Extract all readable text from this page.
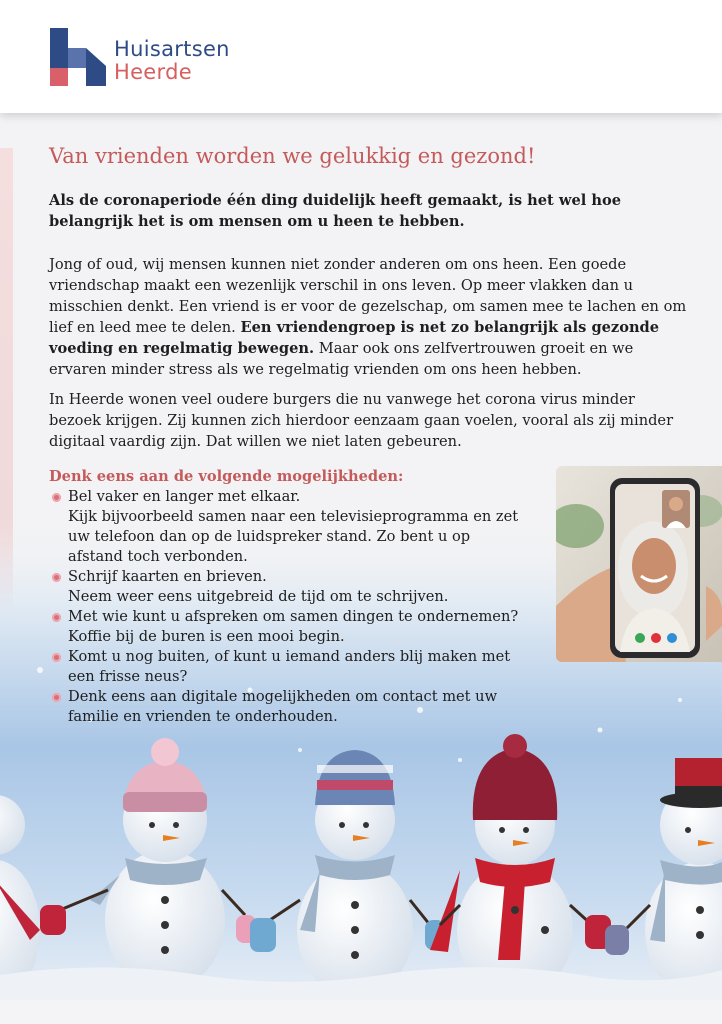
Huisartsen
Heerde
Van vrienden worden we gelukkig en gezond!
Als de coronaperiode één ding duidelijk heeft gemaakt, is het wel hoe belangrijk het is om mensen om u heen te hebben.

Jong of oud, wij mensen kunnen niet zonder anderen om ons heen. Een goede vriendschap maakt een wezenlijk verschil in ons leven. Op meer vlakken dan u misschien denkt. Een vriend is er voor de gezelschap, om samen mee te lachen en om lief en leed mee te delen. Een vriendengroep is net zo belangrijk als gezonde voeding en regelmatig bewegen. Maar ook ons zelfvertrouwen groeit en we ervaren minder stress als we regelmatig vrienden om ons heen hebben.

In Heerde wonen veel oudere burgers die nu vanwege het corona virus minder bezoek krijgen. Zij kunnen zich hierdoor eenzaam gaan voelen, vooral als zij minder digitaal vaardig zijn. Dat willen we niet laten gebeuren.

Denk eens aan de volgende mogelijkheden:
Bel vaker en langer met elkaar.
Kijk bijvoorbeeld samen naar een televisieprogramma en zet uw telefoon dan op de luidspreker stand. Zo bent u op afstand toch verbonden.
Schrijf kaarten en brieven.
Neem weer eens uitgebreid de tijd om te schrijven.
Met wie kunt u afspreken om samen dingen te ondernemen?
Koffie bij de buren is een mooi begin.
Komt u nog buiten, of kunt u iemand anders blij maken met een frisse neus?
Denk eens aan digitale mogelijkheden om contact met uw familie en vrienden te onderhouden.
